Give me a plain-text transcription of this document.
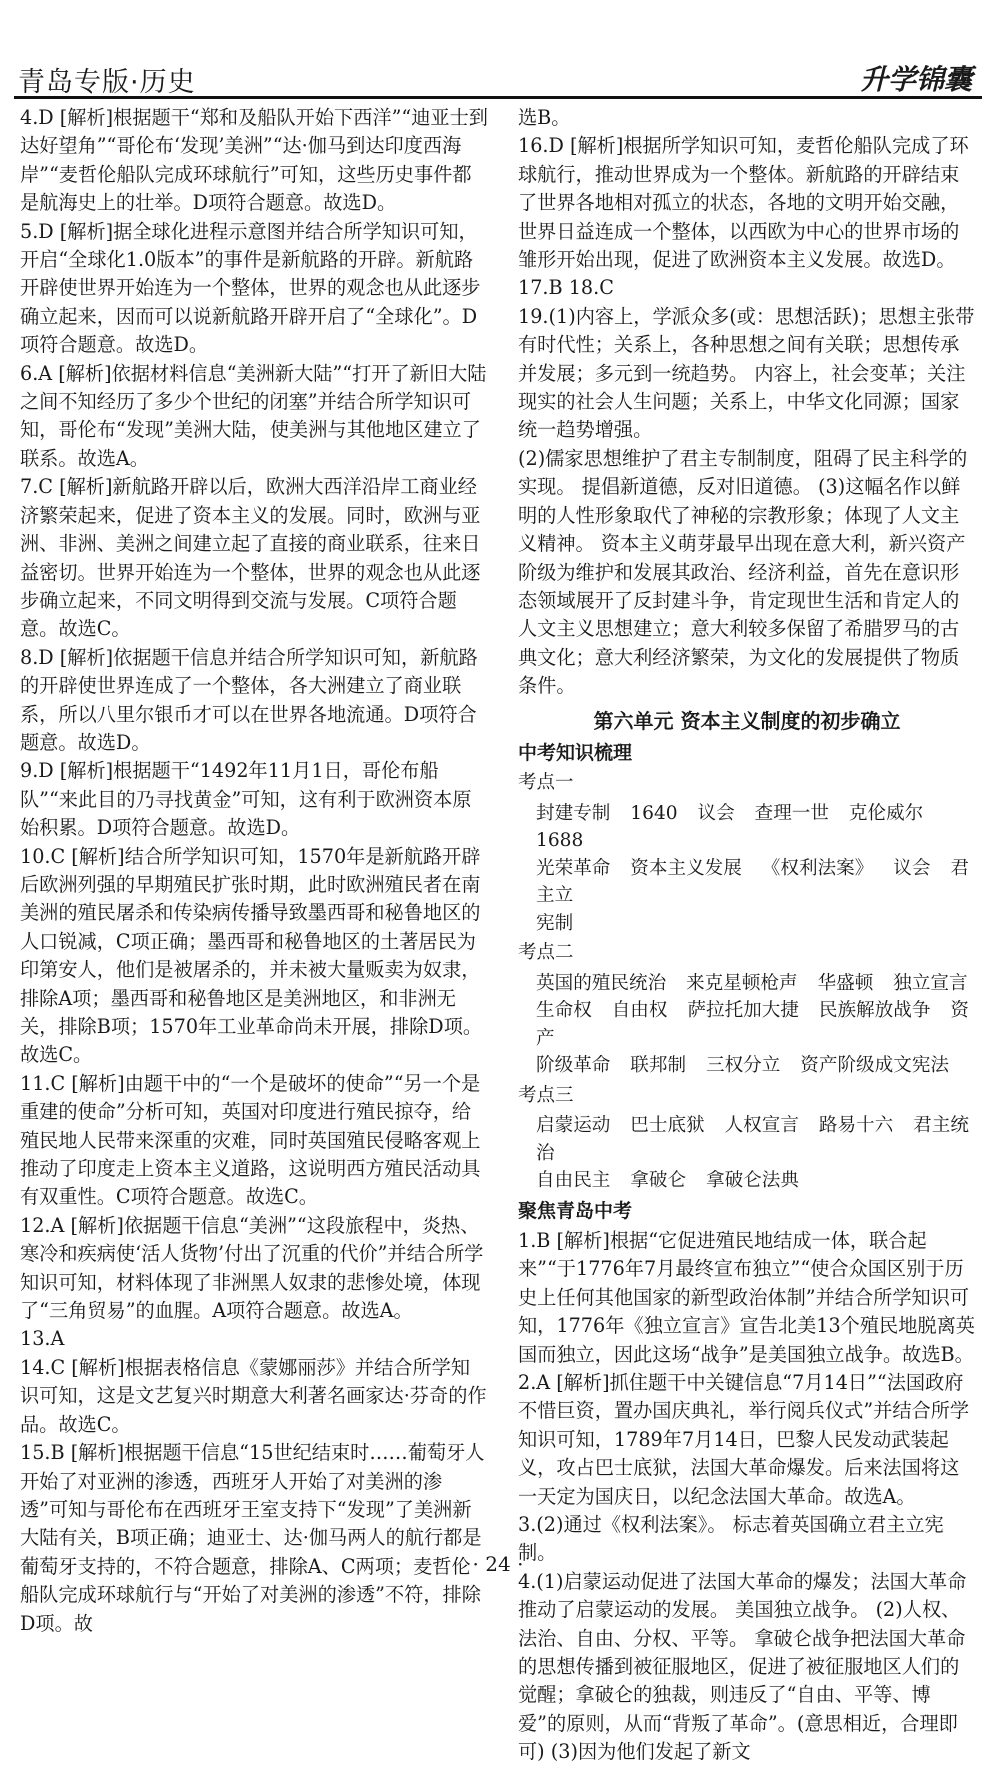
青岛专版·历史	升学锦囊

4.D [解析]根据题干“郑和及船队开始下西洋”“迪亚士到达好望角”“哥伦布‘发现’美洲”“达·伽马到达印度西海岸”“麦哲伦船队完成环球航行”可知，这些历史事件都是航海史上的壮举。D项符合题意。故选D。

5.D [解析]据全球化进程示意图并结合所学知识可知，开启“全球化1.0版本”的事件是新航路的开辟。新航路开辟使世界开始连为一个整体，世界的观念也从此逐步确立起来，因而可以说新航路开辟开启了“全球化”。D项符合题意。故选D。

6.A [解析]依据材料信息“美洲新大陆”“打开了新旧大陆之间不知经历了多少个世纪的闭塞”并结合所学知识可知，哥伦布“发现”美洲大陆，使美洲与其他地区建立了联系。故选A。

7.C [解析]新航路开辟以后，欧洲大西洋沿岸工商业经济繁荣起来，促进了资本主义的发展。同时，欧洲与亚洲、非洲、美洲之间建立起了直接的商业联系，往来日益密切。世界开始连为一个整体，世界的观念也从此逐步确立起来，不同文明得到交流与发展。C项符合题意。故选C。

8.D [解析]依据题干信息并结合所学知识可知，新航路的开辟使世界连成了一个整体，各大洲建立了商业联系，所以八里尔银币才可以在世界各地流通。D项符合题意。故选D。

9.D [解析]根据题干“1492年11月1日，哥伦布船队”“来此目的乃寻找黄金”可知，这有利于欧洲资本原始积累。D项符合题意。故选D。

10.C [解析]结合所学知识可知，1570年是新航路开辟后欧洲列强的早期殖民扩张时期，此时欧洲殖民者在南美洲的殖民屠杀和传染病传播导致墨西哥和秘鲁地区的人口锐减，C项正确；墨西哥和秘鲁地区的土著居民为印第安人，他们是被屠杀的，并未被大量贩卖为奴隶，排除A项；墨西哥和秘鲁地区是美洲地区，和非洲无关，排除B项；1570年工业革命尚未开展，排除D项。故选C。

11.C [解析]由题干中的“一个是破坏的使命”“另一个是重建的使命”分析可知，英国对印度进行殖民掠夺，给殖民地人民带来深重的灾难，同时英国殖民侵略客观上推动了印度走上资本主义道路，这说明西方殖民活动具有双重性。C项符合题意。故选C。

12.A [解析]依据题干信息“美洲”“这段旅程中，炎热、寒冷和疾病使‘活人货物’付出了沉重的代价”并结合所学知识可知，材料体现了非洲黑人奴隶的悲惨处境，体现了“三角贸易”的血腥。A项符合题意。故选A。

13.A

14.C [解析]根据表格信息《蒙娜丽莎》并结合所学知识可知，这是文艺复兴时期意大利著名画家达·芬奇的作品。故选C。

15.B [解析]根据题干信息“15世纪结束时……葡萄牙人开始了对亚洲的渗透，西班牙人开始了对美洲的渗透”可知与哥伦布在西班牙王室支持下“发现”了美洲新大陆有关，B项正确；迪亚士、达·伽马两人的航行都是葡萄牙支持的，不符合题意，排除A、C两项；麦哲伦船队完成环球航行与“开始了对美洲的渗透”不符，排除D项。故

选B。

16.D [解析]根据所学知识可知，麦哲伦船队完成了环球航行，推动世界成为一个整体。新航路的开辟结束了世界各地相对孤立的状态，各地的文明开始交融，世界日益连成一个整体，以西欧为中心的世界市场的雏形开始出现，促进了欧洲资本主义发展。故选D。

17.B 18.C

19.(1)内容上，学派众多(或：思想活跃)；思想主张带有时代性；关系上，各种思想之间有关联；思想传承并发展；多元到一统趋势。 内容上，社会变革；关注现实的社会人生问题；关系上，中华文化同源；国家统一趋势增强。

(2)儒家思想维护了君主专制制度，阻碍了民主科学的实现。 提倡新道德，反对旧道德。 (3)这幅名作以鲜明的人性形象取代了神秘的宗教形象；体现了人文主义精神。 资本主义萌芽最早出现在意大利，新兴资产阶级为维护和发展其政治、经济利益，首先在意识形态领域展开了反封建斗争，肯定现世生活和肯定人的人文主义思想建立；意大利较多保留了希腊罗马的古典文化；意大利经济繁荣，为文化的发展提供了物质条件。

第六单元 资本主义制度的初步确立
中考知识梳理
考点一
封建专制 1640 议会 查理一世 克伦威尔 1688
光荣革命 资本主义发展 《权利法案》 议会 君主立
宪制
考点二
英国的殖民统治 来克星顿枪声 华盛顿 独立宣言
生命权 自由权 萨拉托加大捷 民族解放战争 资产
阶级革命 联邦制 三权分立 资产阶级成文宪法
考点三
启蒙运动 巴士底狱 人权宣言 路易十六 君主统治
自由民主 拿破仑 拿破仑法典
聚焦青岛中考

1.B [解析]根据“它促进殖民地结成一体，联合起来”“于1776年7月最终宣布独立”“使合众国区别于历史上任何其他国家的新型政治体制”并结合所学知识可知，1776年《独立宣言》宣告北美13个殖民地脱离英国而独立，因此这场“战争”是美国独立战争。故选B。

2.A [解析]抓住题干中关键信息“7月14日”“法国政府不惜巨资，置办国庆典礼，举行阅兵仪式”并结合所学知识可知，1789年7月14日，巴黎人民发动武装起义，攻占巴士底狱，法国大革命爆发。后来法国将这一天定为国庆日，以纪念法国大革命。故选A。

3.(2)通过《权利法案》。 标志着英国确立君主立宪制。

4.(1)启蒙运动促进了法国大革命的爆发；法国大革命推动了启蒙运动的发展。 美国独立战争。 (2)人权、法治、自由、分权、平等。 拿破仑战争把法国大革命的思想传播到被征服地区，促进了被征服地区人们的觉醒；拿破仑的独裁，则违反了“自由、平等、博爱”的原则，从而“背叛了革命”。(意思相近，合理即可) (3)因为他们发起了新文

· 24 ·
